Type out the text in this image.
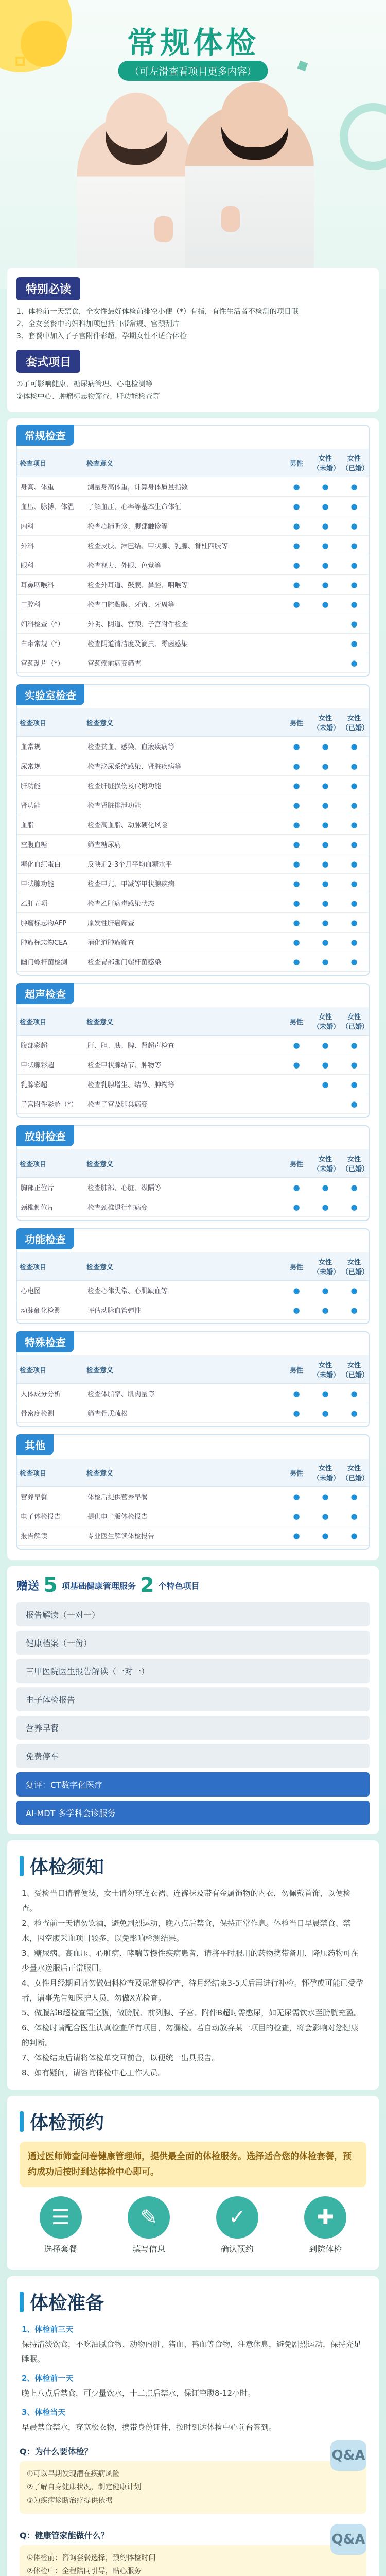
常规体检
（可左滑查看项目更多内容）
特别必读
1、体检前一天禁食，全女性最好体检前排空小便（*）有指，有性生活者不检测的项目哦
2、全女套餐中的妇科加项包括白带常规、宫颈刮片
3、套餐中加入了子宫附件彩超，孕期女性不适合体检
套式项目
①了可影响健康、糖尿病管理、心电检测等
②体检中心、肿瘤标志物筛查、肝功能检查等
常规检查
检查项目	检查意义	男性	女性（未婚）	女性（已婚）
身高、体重	测量身高体重，计算身体质量指数	●	●	●
血压、脉搏、体温	了解血压、心率等基本生命体征	●	●	●
内科	检查心肺听诊、腹部触诊等	●	●	●
外科	检查皮肤、淋巴结、甲状腺、乳腺、脊柱四肢等	●	●	●
眼科	检查视力、外眼、色觉等	●	●	●
耳鼻咽喉科	检查外耳道、鼓膜、鼻腔、咽喉等	●	●	●
口腔科	检查口腔黏膜、牙齿、牙周等	●	●	●
妇科检查（*）	外阴、阴道、宫颈、子宫附件检查			●
白带常规（*）	检查阴道清洁度及滴虫、霉菌感染			●
宫颈刮片（*）	宫颈癌前病变筛查			●
实验室检查
检查项目	检查意义	男性	女性（未婚）	女性（已婚）
血常规	检查贫血、感染、血液疾病等	●	●	●
尿常规	检查泌尿系统感染、肾脏疾病等	●	●	●
肝功能	检查肝脏损伤及代谢功能	●	●	●
肾功能	检查肾脏排泄功能	●	●	●
血脂	检查高血脂、动脉硬化风险	●	●	●
空腹血糖	筛查糖尿病	●	●	●
糖化血红蛋白	反映近2-3个月平均血糖水平	●	●	●
甲状腺功能	检查甲亢、甲减等甲状腺疾病	●	●	●
乙肝五项	检查乙肝病毒感染状态	●	●	●
肿瘤标志物AFP	原发性肝癌筛查	●	●	●
肿瘤标志物CEA	消化道肿瘤筛查	●	●	●
幽门螺杆菌检测	检查胃部幽门螺杆菌感染	●	●	●
超声检查
检查项目	检查意义	男性	女性（未婚）	女性（已婚）
腹部彩超	肝、胆、胰、脾、肾超声检查	●	●	●
甲状腺彩超	检查甲状腺结节、肿物等	●	●	●
乳腺彩超	检查乳腺增生、结节、肿物等		●	●
子宫附件彩超（*）	检查子宫及卵巢病变			●
放射检查
检查项目	检查意义	男性	女性（未婚）	女性（已婚）
胸部正位片	检查肺部、心脏、纵隔等	●	●	●
颈椎侧位片	检查颈椎退行性病变	●	●	●
功能检查
检查项目	检查意义	男性	女性（未婚）	女性（已婚）
心电图	检查心律失常、心肌缺血等	●	●	●
动脉硬化检测	评估动脉血管弹性	●	●	●
特殊检查
检查项目	检查意义	男性	女性（未婚）	女性（已婚）
人体成分分析	检查体脂率、肌肉量等	●	●	●
骨密度检测	筛查骨质疏松	●	●	●
其他
检查项目	检查意义	男性	女性（未婚）	女性（已婚）
营养早餐	体检后提供营养早餐	●	●	●
电子体检报告	提供电子版体检报告	●	●	●
报告解读	专业医生解读体检报告	●	●	●
赠送 5 项基础健康管理服务 2 个特色项目
报告解读（一对一）
健康档案（一份）
三甲医院医生报告解读（一对一）
电子体检报告
营养早餐
免费停车
复评：CT数字化医疗
AI-MDT 多学科会诊服务
体检须知

1、受检当日请着便装，女士请勿穿连衣裙、连裤袜及带有金属饰物的内衣，勿佩戴首饰，以便检查。

2、检查前一天请勿饮酒，避免剧烈运动，晚八点后禁食，保持正常作息。体检当日早晨禁食、禁水，因空腹采血项目较多，以免影响检测结果。

3、糖尿病、高血压、心脏病、哮喘等慢性疾病患者，请将平时服用的药物携带备用，降压药物可在少量水送服后正常服用。

4、女性月经期间请勿做妇科检查及尿常规检查，待月经结束3-5天后再进行补检。怀孕或可能已受孕者，请事先告知医护人员，勿做X光检查。

5、做腹部B超检查需空腹，做膀胱、前列腺、子宫、附件B超时需憋尿，如无尿需饮水至膀胱充盈。

6、体检时请配合医生认真检查所有项目，勿漏检。若自动放弃某一项目的检查，将会影响对您健康的判断。

7、体检结束后请将体检单交回前台，以便统一出具报告。

8、如有疑问，请咨询体检中心工作人员。

体检预约
通过医师筛查问卷健康管理师，提供最全面的体检服务。选择适合您的体检套餐，预约成功后按时到达体检中心即可。
☰
选择套餐
✎
填写信息
✓
确认预约
✚
到院体检
体检准备

1、体检前三天

保持清淡饮食，不吃油腻食物、动物内脏、猪血、鸭血等食物，注意休息，避免剧烈运动，保持充足睡眠。

2、体检前一天

晚上八点后禁食，可少量饮水，十二点后禁水，保证空腹8-12小时。

3、体检当天

早晨禁食禁水，穿宽松衣物，携带身份证件，按时到达体检中心前台签到。

Q&A
Q：为什么要体检？
①可以早期发现潜在疾病风险
②了解自身健康状况，制定健康计划
③为疾病诊断治疗提供依据
Q&A
Q：健康管家能做什么？
①体检前：咨询套餐选择，预约体检时间
②体检中：全程陪同引导，贴心服务
